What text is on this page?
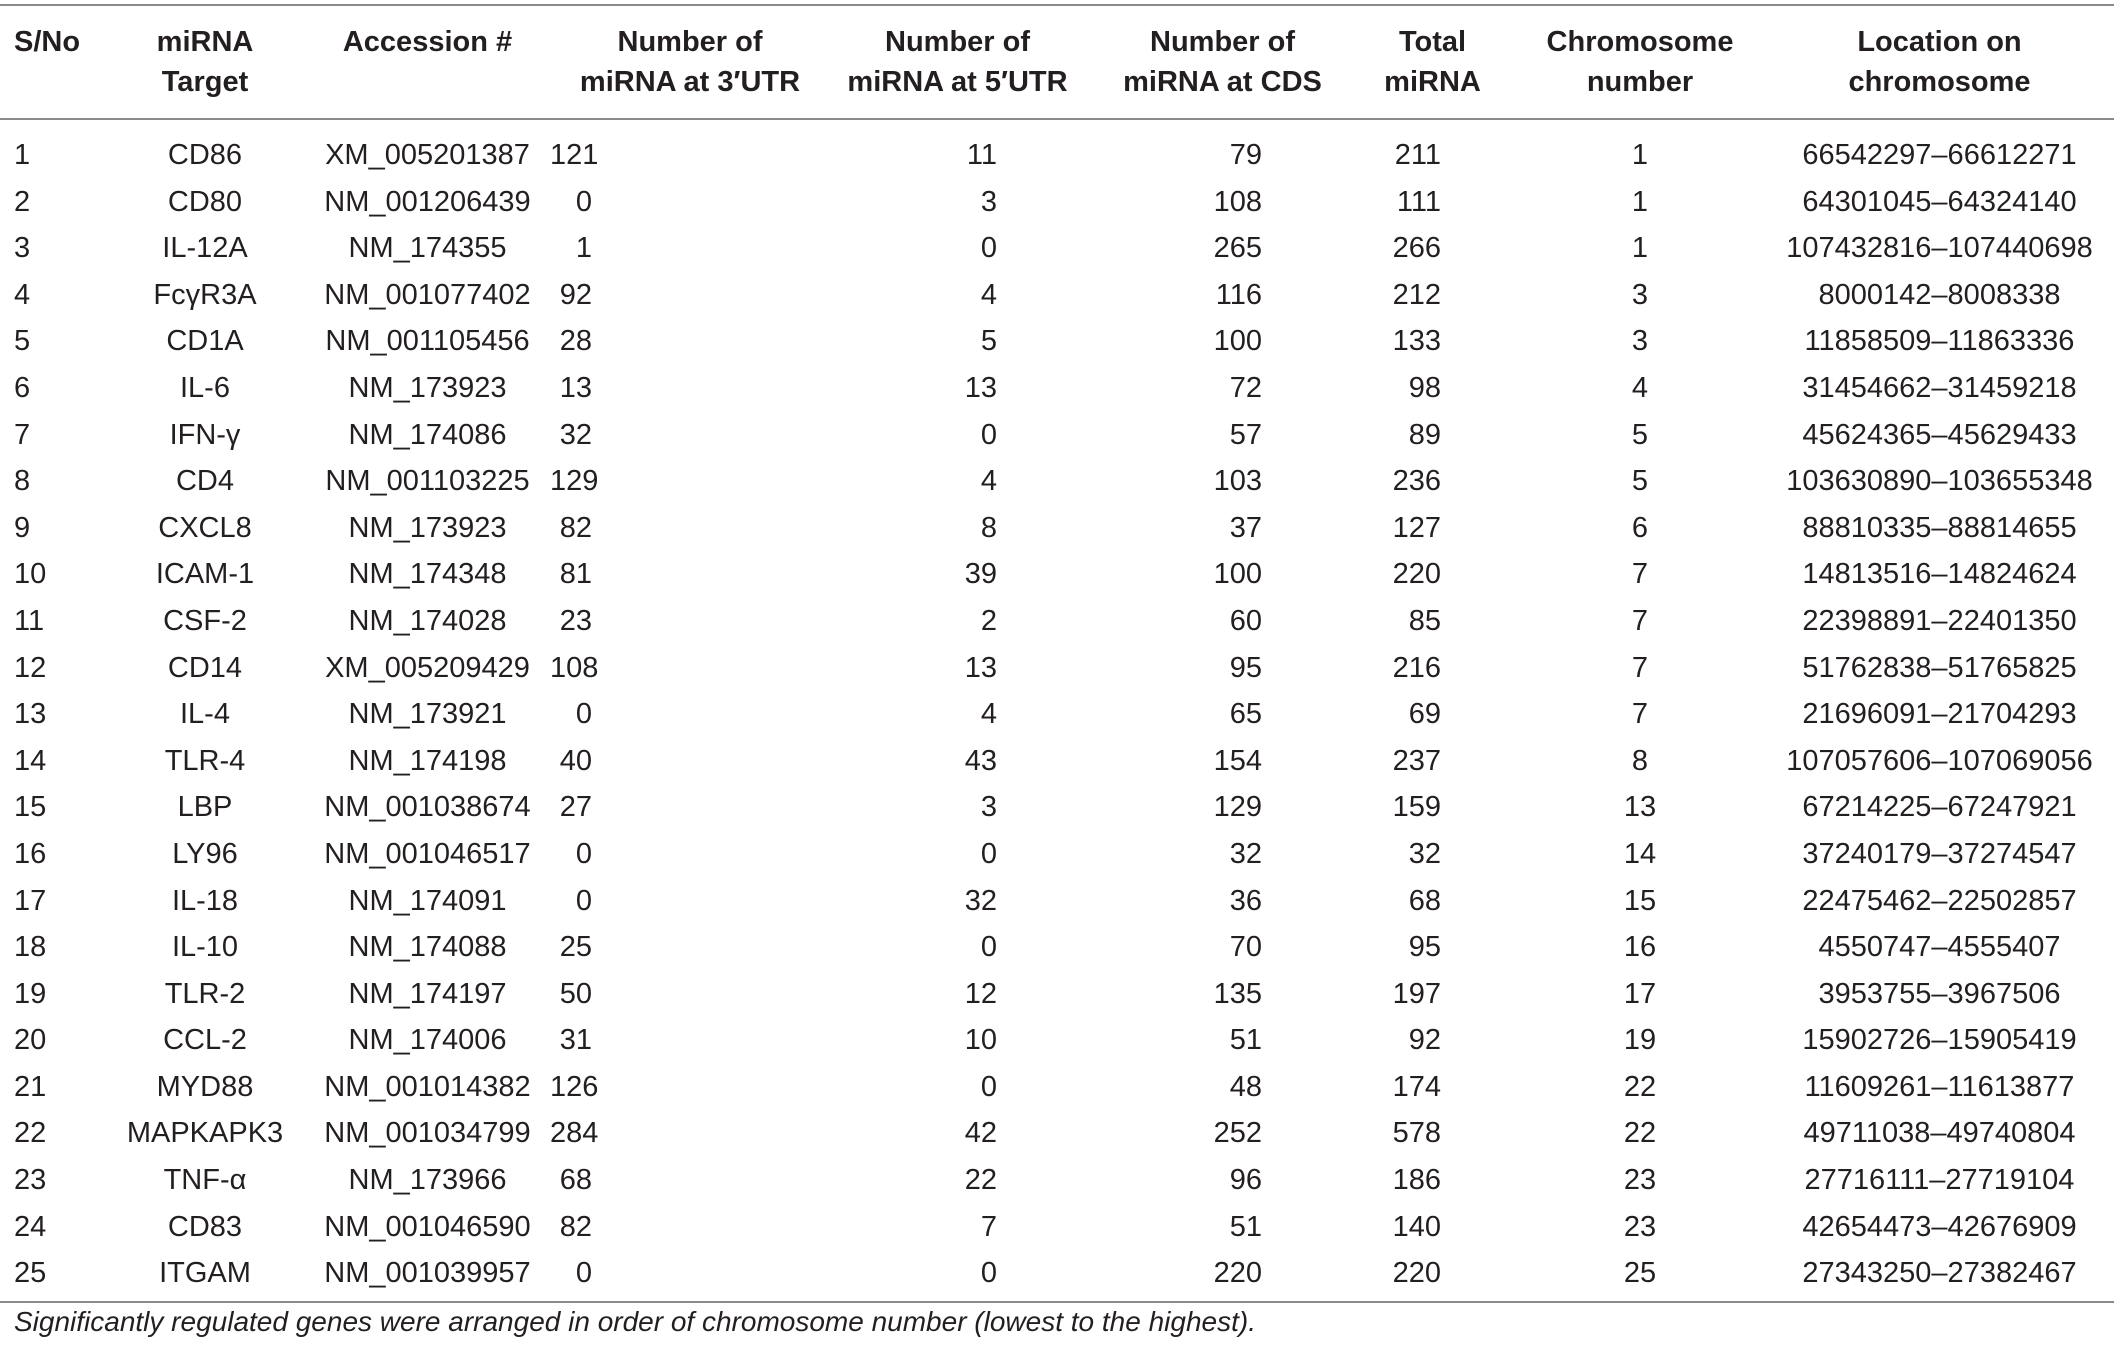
S/No	miRNA Target	Accession #	Number of miRNA at 3′UTR	Number of miRNA at 5′UTR	Number of miRNA at CDS	Total miRNA	Chromosome number	Location on chromosome
1	CD86	XM_005201387	121	11	79	211	1	66542297–66612271
2	CD80	NM_001206439	0	3	108	111	1	64301045–64324140
3	IL-12A	NM_174355	1	0	265	266	1	107432816–107440698
4	FcγR3A	NM_001077402	92	4	116	212	3	8000142–8008338
5	CD1A	NM_001105456	28	5	100	133	3	11858509–11863336
6	IL-6	NM_173923	13	13	72	98	4	31454662–31459218
7	IFN-γ	NM_174086	32	0	57	89	5	45624365–45629433
8	CD4	NM_001103225	129	4	103	236	5	103630890–103655348
9	CXCL8	NM_173923	82	8	37	127	6	88810335–88814655
10	ICAM-1	NM_174348	81	39	100	220	7	14813516–14824624
11	CSF-2	NM_174028	23	2	60	85	7	22398891–22401350
12	CD14	XM_005209429	108	13	95	216	7	51762838–51765825
13	IL-4	NM_173921	0	4	65	69	7	21696091–21704293
14	TLR-4	NM_174198	40	43	154	237	8	107057606–107069056
15	LBP	NM_001038674	27	3	129	159	13	67214225–67247921
16	LY96	NM_001046517	0	0	32	32	14	37240179–37274547
17	IL-18	NM_174091	0	32	36	68	15	22475462–22502857
18	IL-10	NM_174088	25	0	70	95	16	4550747–4555407
19	TLR-2	NM_174197	50	12	135	197	17	3953755–3967506
20	CCL-2	NM_174006	31	10	51	92	19	15902726–15905419
21	MYD88	NM_001014382	126	0	48	174	22	11609261–11613877
22	MAPKAPK3	NM_001034799	284	42	252	578	22	49711038–49740804
23	TNF-α	NM_173966	68	22	96	186	23	27716111–27719104
24	CD83	NM_001046590	82	7	51	140	23	42654473–42676909
25	ITGAM	NM_001039957	0	0	220	220	25	27343250–27382467
Significantly regulated genes were arranged in order of chromosome number (lowest to the highest).
